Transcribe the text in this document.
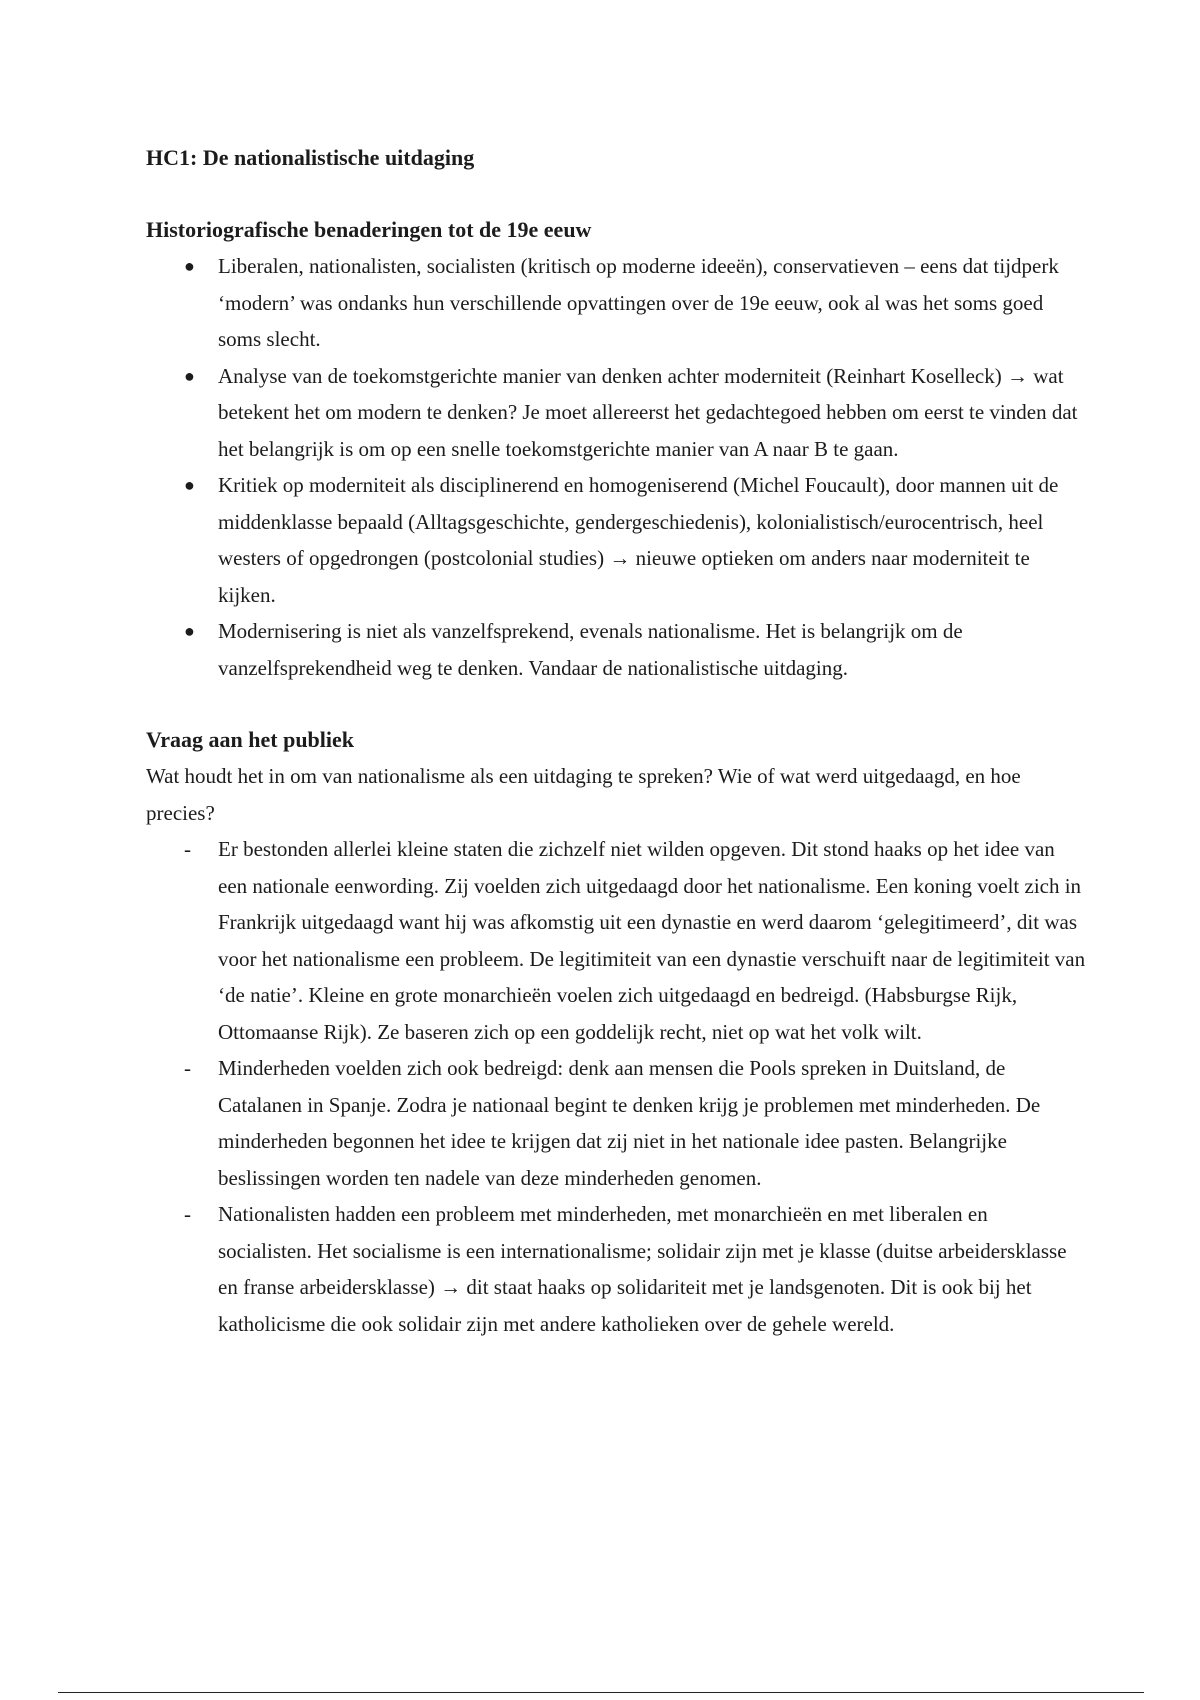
HC1: De nationalistische uitdaging
Historiografische benaderingen tot de 19e eeuw
● Liberalen, nationalisten, socialisten (kritisch op moderne ideeën), conservatieven – eens dat tijdperk ‘modern’ was ondanks hun verschillende opvattingen over de 19e eeuw, ook al was het soms goed soms slecht.
● Analyse van de toekomstgerichte manier van denken achter moderniteit (Reinhart Koselleck) → wat betekent het om modern te denken? Je moet allereerst het gedachtegoed hebben om eerst te vinden dat het belangrijk is om op een snelle toekomstgerichte manier van A naar B te gaan.
● Kritiek op moderniteit als disciplinerend en homogeniserend (Michel Foucault), door mannen uit de middenklasse bepaald (Alltagsgeschichte, gendergeschiedenis), kolonialistisch/eurocentrisch, heel westers of opgedrongen (postcolonial studies) → nieuwe optieken om anders naar moderniteit te kijken.
● Modernisering is niet als vanzelfsprekend, evenals nationalisme. Het is belangrijk om de vanzelfsprekendheid weg te denken. Vandaar de nationalistische uitdaging.
Vraag aan het publiek

Wat houdt het in om van nationalisme als een uitdaging te spreken? Wie of wat werd uitgedaagd, en hoe precies?

- Er bestonden allerlei kleine staten die zichzelf niet wilden opgeven. Dit stond haaks op het idee van een nationale eenwording. Zij voelden zich uitgedaagd door het nationalisme. Een koning voelt zich in Frankrijk uitgedaagd want hij was afkomstig uit een dynastie en werd daarom ‘gelegitimeerd’, dit was voor het nationalisme een probleem. De legitimiteit van een dynastie verschuift naar de legitimiteit van ‘de natie’. Kleine en grote monarchieën voelen zich uitgedaagd en bedreigd. (Habsburgse Rijk, Ottomaanse Rijk). Ze baseren zich op een goddelijk recht, niet op wat het volk wilt.
- Minderheden voelden zich ook bedreigd: denk aan mensen die Pools spreken in Duitsland, de Catalanen in Spanje. Zodra je nationaal begint te denken krijg je problemen met minderheden. De minderheden begonnen het idee te krijgen dat zij niet in het nationale idee pasten. Belangrijke beslissingen worden ten nadele van deze minderheden genomen.
- Nationalisten hadden een probleem met minderheden, met monarchieën en met liberalen en socialisten. Het socialisme is een internationalisme; solidair zijn met je klasse (duitse arbeidersklasse en franse arbeidersklasse) → dit staat haaks op solidariteit met je landsgenoten. Dit is ook bij het katholicisme die ook solidair zijn met andere katholieken over de gehele wereld.
